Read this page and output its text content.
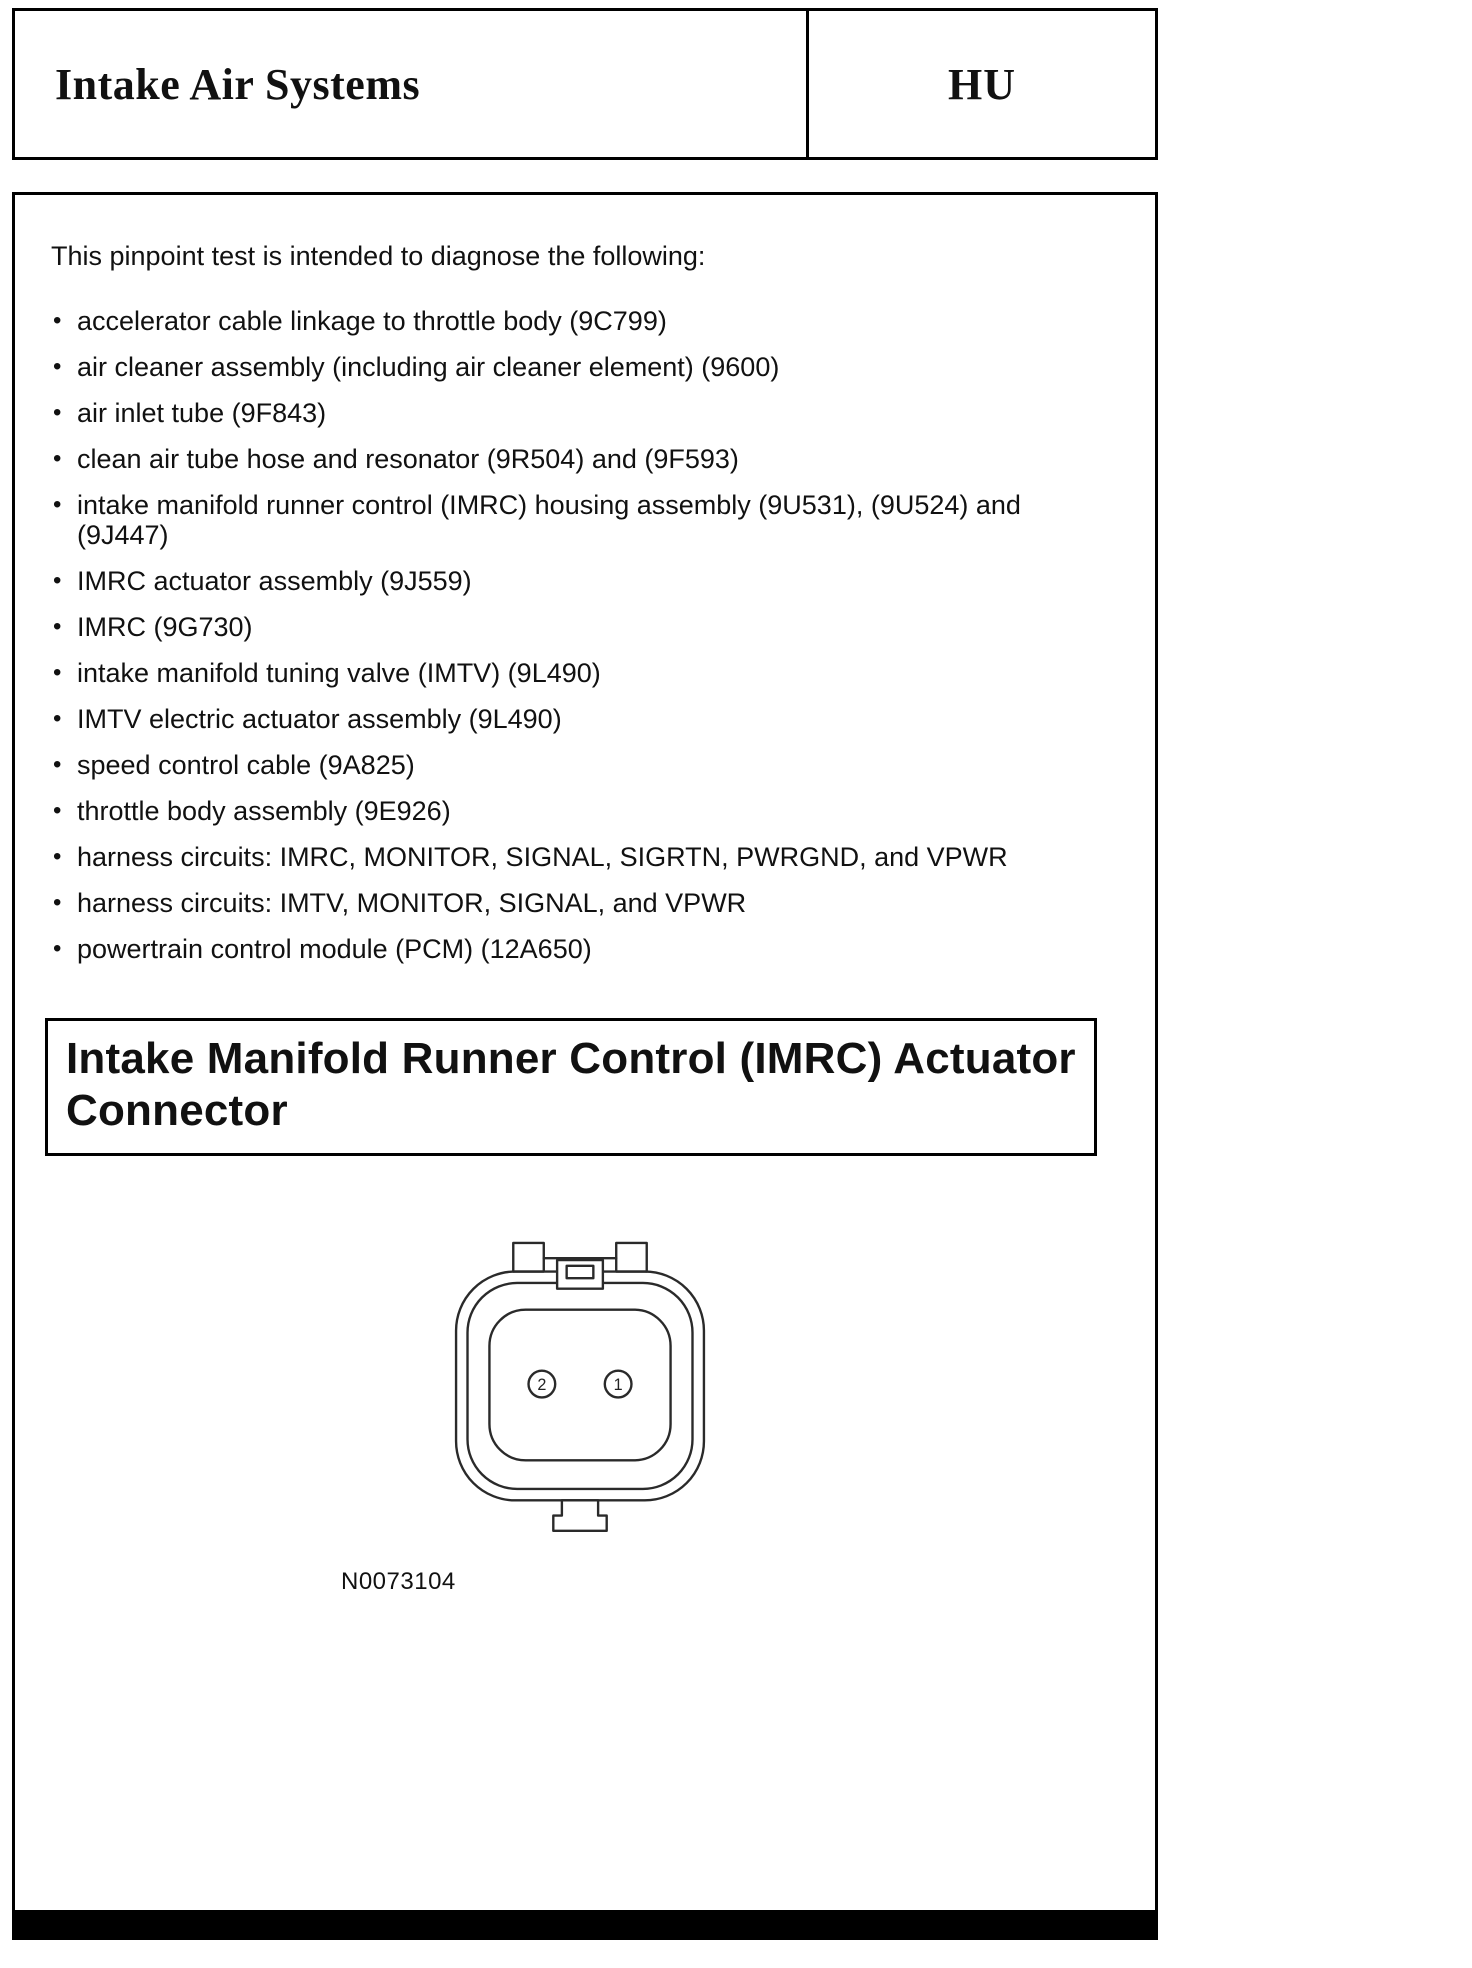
Intake Air Systems	HU
This pinpoint test is intended to diagnose the following:
• accelerator cable linkage to throttle body (9C799)
• air cleaner assembly (including air cleaner element) (9600)
• air inlet tube (9F843)
• clean air tube hose and resonator (9R504) and (9F593)
• intake manifold runner control (IMRC) housing assembly (9U531), (9U524) and (9J447)
• IMRC actuator assembly (9J559)
• IMRC (9G730)
• intake manifold tuning valve (IMTV) (9L490)
• IMTV electric actuator assembly (9L490)
• speed control cable (9A825)
• throttle body assembly (9E926)
• harness circuits: IMRC, MONITOR, SIGNAL, SIGRTN, PWRGND, and VPWR
• harness circuits: IMTV, MONITOR, SIGNAL, and VPWR
• powertrain control module (PCM) (12A650)
Intake Manifold Runner Control (IMRC) Actuator Connector
2	1
N0073104
